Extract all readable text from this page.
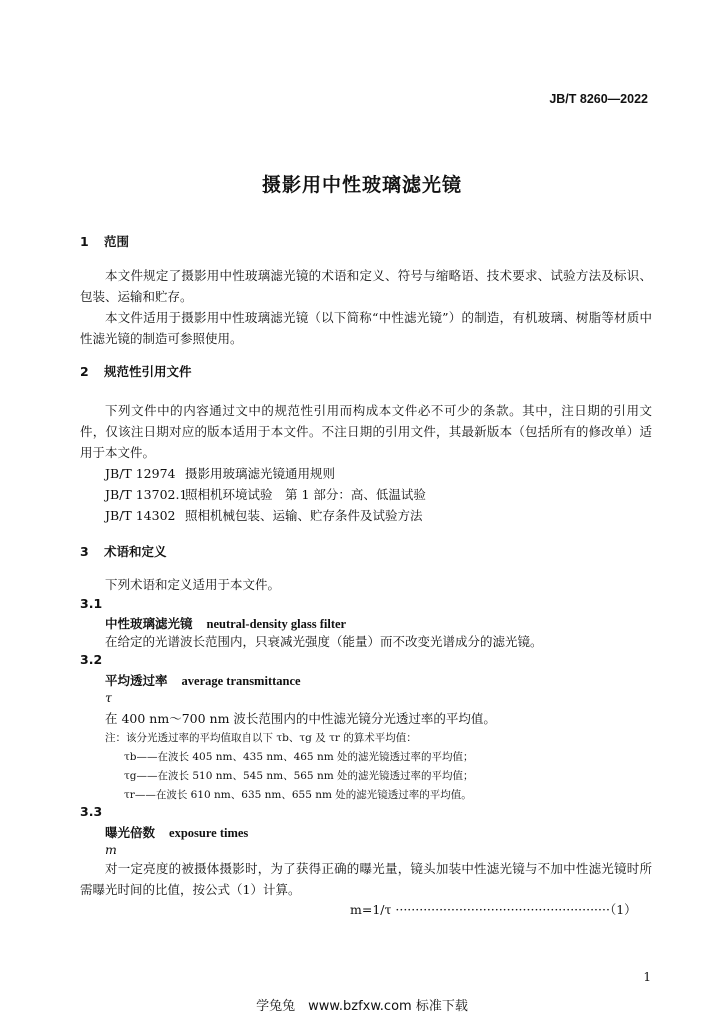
JB/T 8260—2022
摄影用中性玻璃滤光镜
1 范围
本文件规定了摄影用中性玻璃滤光镜的术语和定义、符号与缩略语、技术要求、试验方法及标识、包装、运输和贮存。
本文件适用于摄影用中性玻璃滤光镜（以下简称“中性滤光镜”）的制造，有机玻璃、树脂等材质中性滤光镜的制造可参照使用。
2 规范性引用文件
下列文件中的内容通过文中的规范性引用而构成本文件必不可少的条款。其中，注日期的引用文件，仅该注日期对应的版本适用于本文件。不注日期的引用文件，其最新版本（包括所有的修改单）适用于本文件。
JB/T 12974 摄影用玻璃滤光镜通用规则
JB/T 13702.1照相机环境试验　第 1 部分：高、低温试验
JB/T 14302 照相机械包装、运输、贮存条件及试验方法
3 术语和定义
下列术语和定义适用于本文件。
3.1
中性玻璃滤光镜 neutral-density glass filter
在给定的光谱波长范围内，只衰减光强度（能量）而不改变光谱成分的滤光镜。
3.2
平均透过率 average transmittance
τ
在 400 nm～700 nm 波长范围内的中性滤光镜分光透过率的平均值。
注：该分光透过率的平均值取自以下 τb、τg 及 τr 的算术平均值：
τb——在波长 405 nm、435 nm、465 nm 处的滤光镜透过率的平均值；
τg——在波长 510 nm、545 nm、565 nm 处的滤光镜透过率的平均值；
τr——在波长 610 nm、635 nm、655 nm 处的滤光镜透过率的平均值。
3.3
曝光倍数 exposure times
m
对一定亮度的被摄体摄影时，为了获得正确的曝光量，镜头加装中性滤光镜与不加中性滤光镜时所需曝光时间的比值，按公式（1）计算。
m=1/τ ······················································（1）
1
学兔兔　www.bzfxw.com 标准下载
